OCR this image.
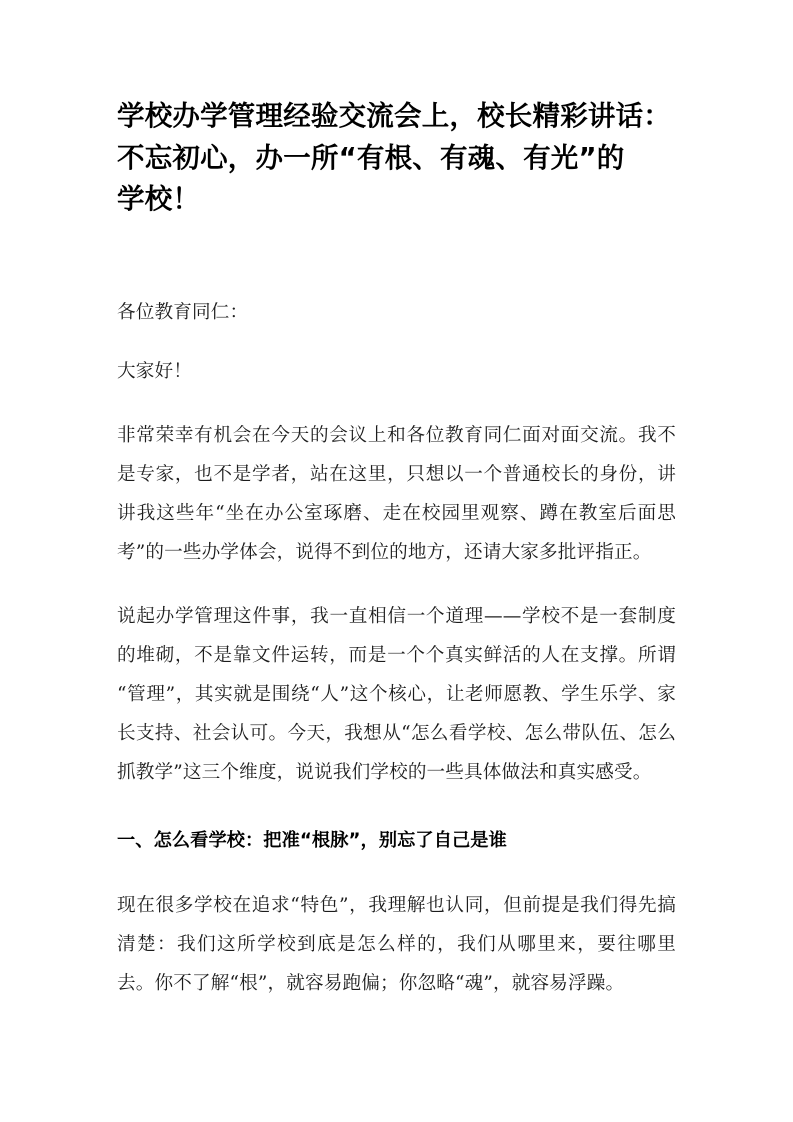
学校办学管理经验交流会上，校长精彩讲话：
不忘初心，办一所“有根、有魂、有光”的
学校！

各位教育同仁：

大家好！

非常荣幸有机会在今天的会议上和各位教育同仁面对面交流。我不是专家，也不是学者，站在这里，只想以一个普通校长的身份，讲讲我这些年“坐在办公室琢磨、走在校园里观察、蹲在教室后面思考”的一些办学体会，说得不到位的地方，还请大家多批评指正。

说起办学管理这件事，我一直相信一个道理——学校不是一套制度的堆砌，不是靠文件运转，而是一个个真实鲜活的人在支撑。所谓“管理”，其实就是围绕“人”这个核心，让老师愿教、学生乐学、家长支持、社会认可。今天，我想从“怎么看学校、怎么带队伍、怎么抓教学”这三个维度，说说我们学校的一些具体做法和真实感受。

一、怎么看学校：把准“根脉”，别忘了自己是谁

现在很多学校在追求“特色”，我理解也认同，但前提是我们得先搞清楚：我们这所学校到底是怎么样的，我们从哪里来，要往哪里去。你不了解“根”，就容易跑偏；你忽略“魂”，就容易浮躁。
